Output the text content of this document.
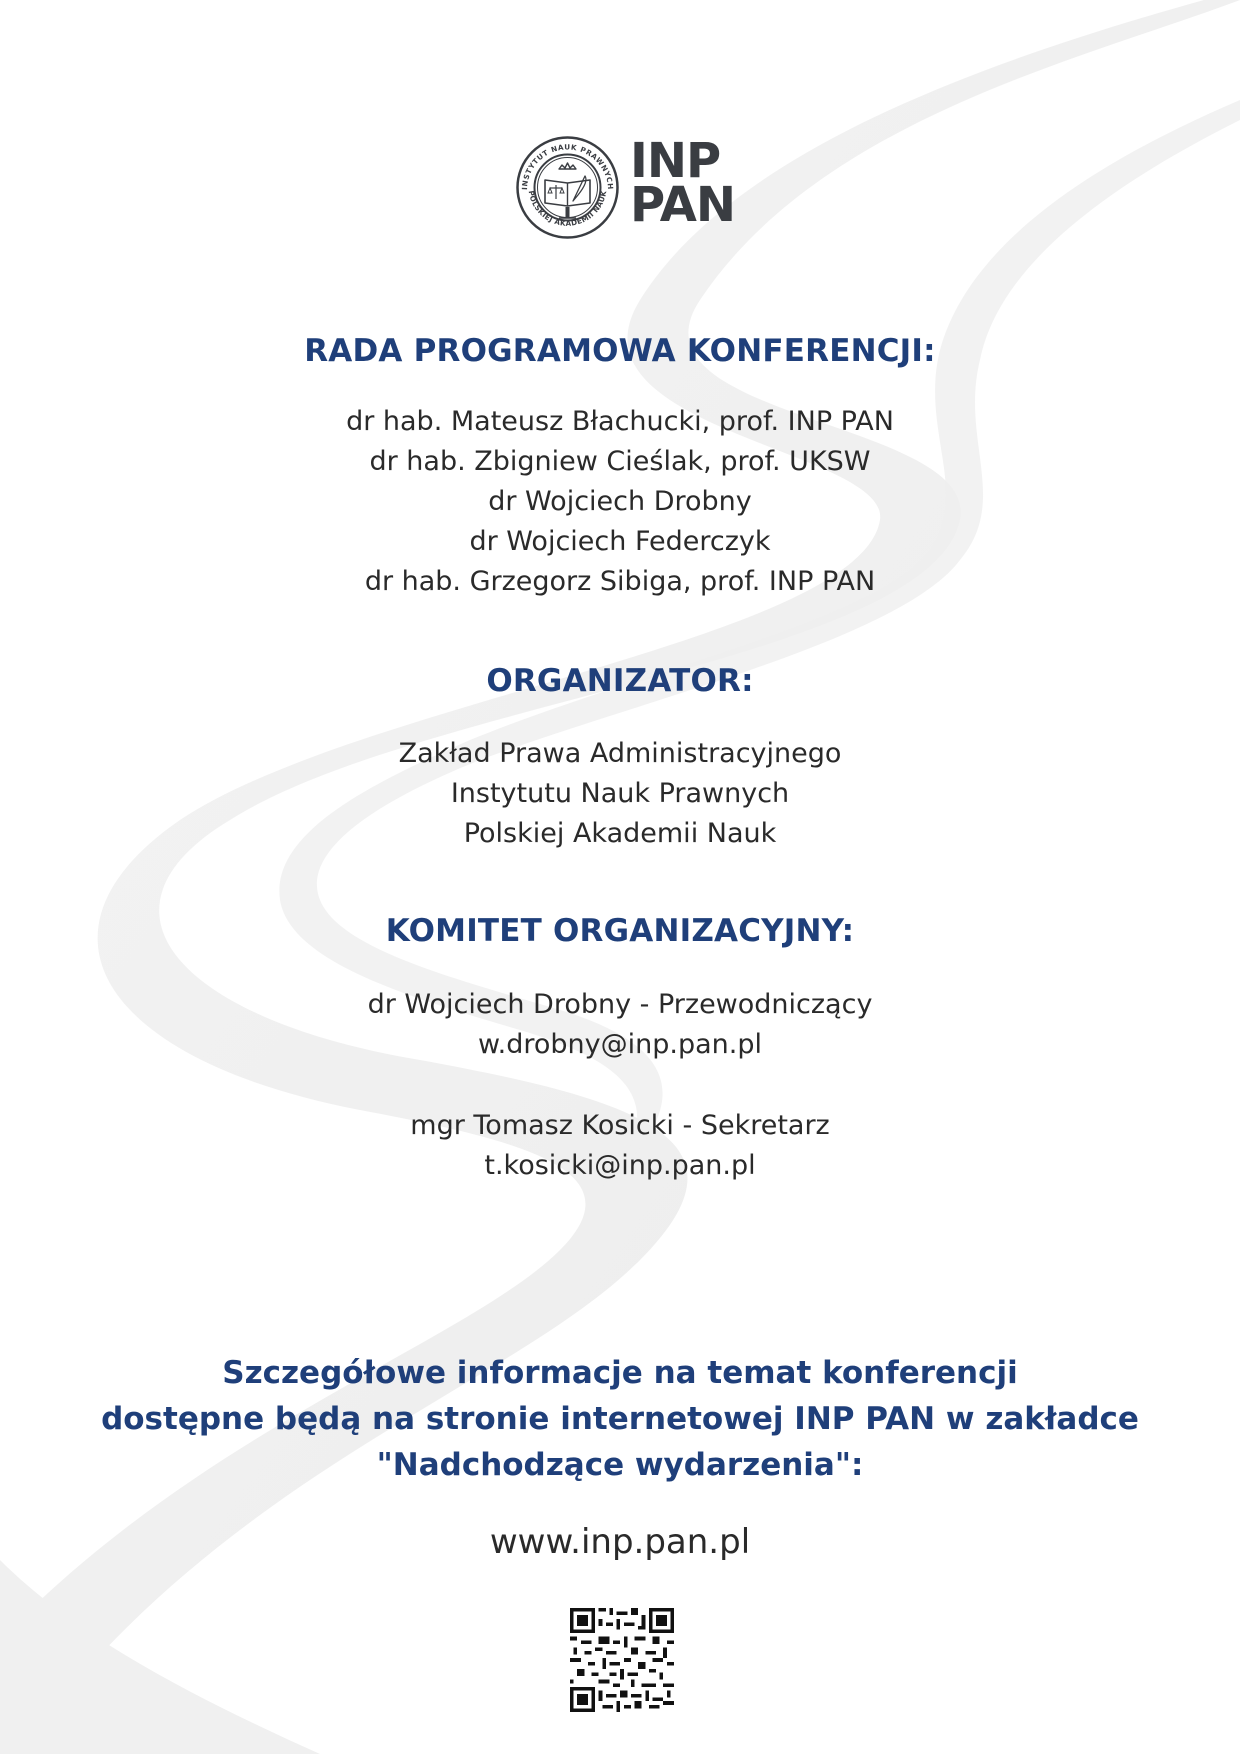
INSTYTUT NAUK PRAWNYCH
POLSKIEJ AKADEMII NAUK
INP
PAN
RADA PROGRAMOWA KONFERENCJI:
dr hab. Mateusz Błachucki, prof. INP PAN
dr hab. Zbigniew Cieślak, prof. UKSW
dr Wojciech Drobny
dr Wojciech Federczyk
dr hab. Grzegorz Sibiga, prof. INP PAN
ORGANIZATOR:
Zakład Prawa Administracyjnego
Instytutu Nauk Prawnych
Polskiej Akademii Nauk
KOMITET ORGANIZACYJNY:
dr Wojciech Drobny - Przewodniczący
w.drobny@inp.pan.pl
mgr Tomasz Kosicki - Sekretarz
t.kosicki@inp.pan.pl
Szczegółowe informacje na temat konferencji
dostępne będą na stronie internetowej INP PAN w zakładce
"Nadchodzące wydarzenia":
www.inp.pan.pl
